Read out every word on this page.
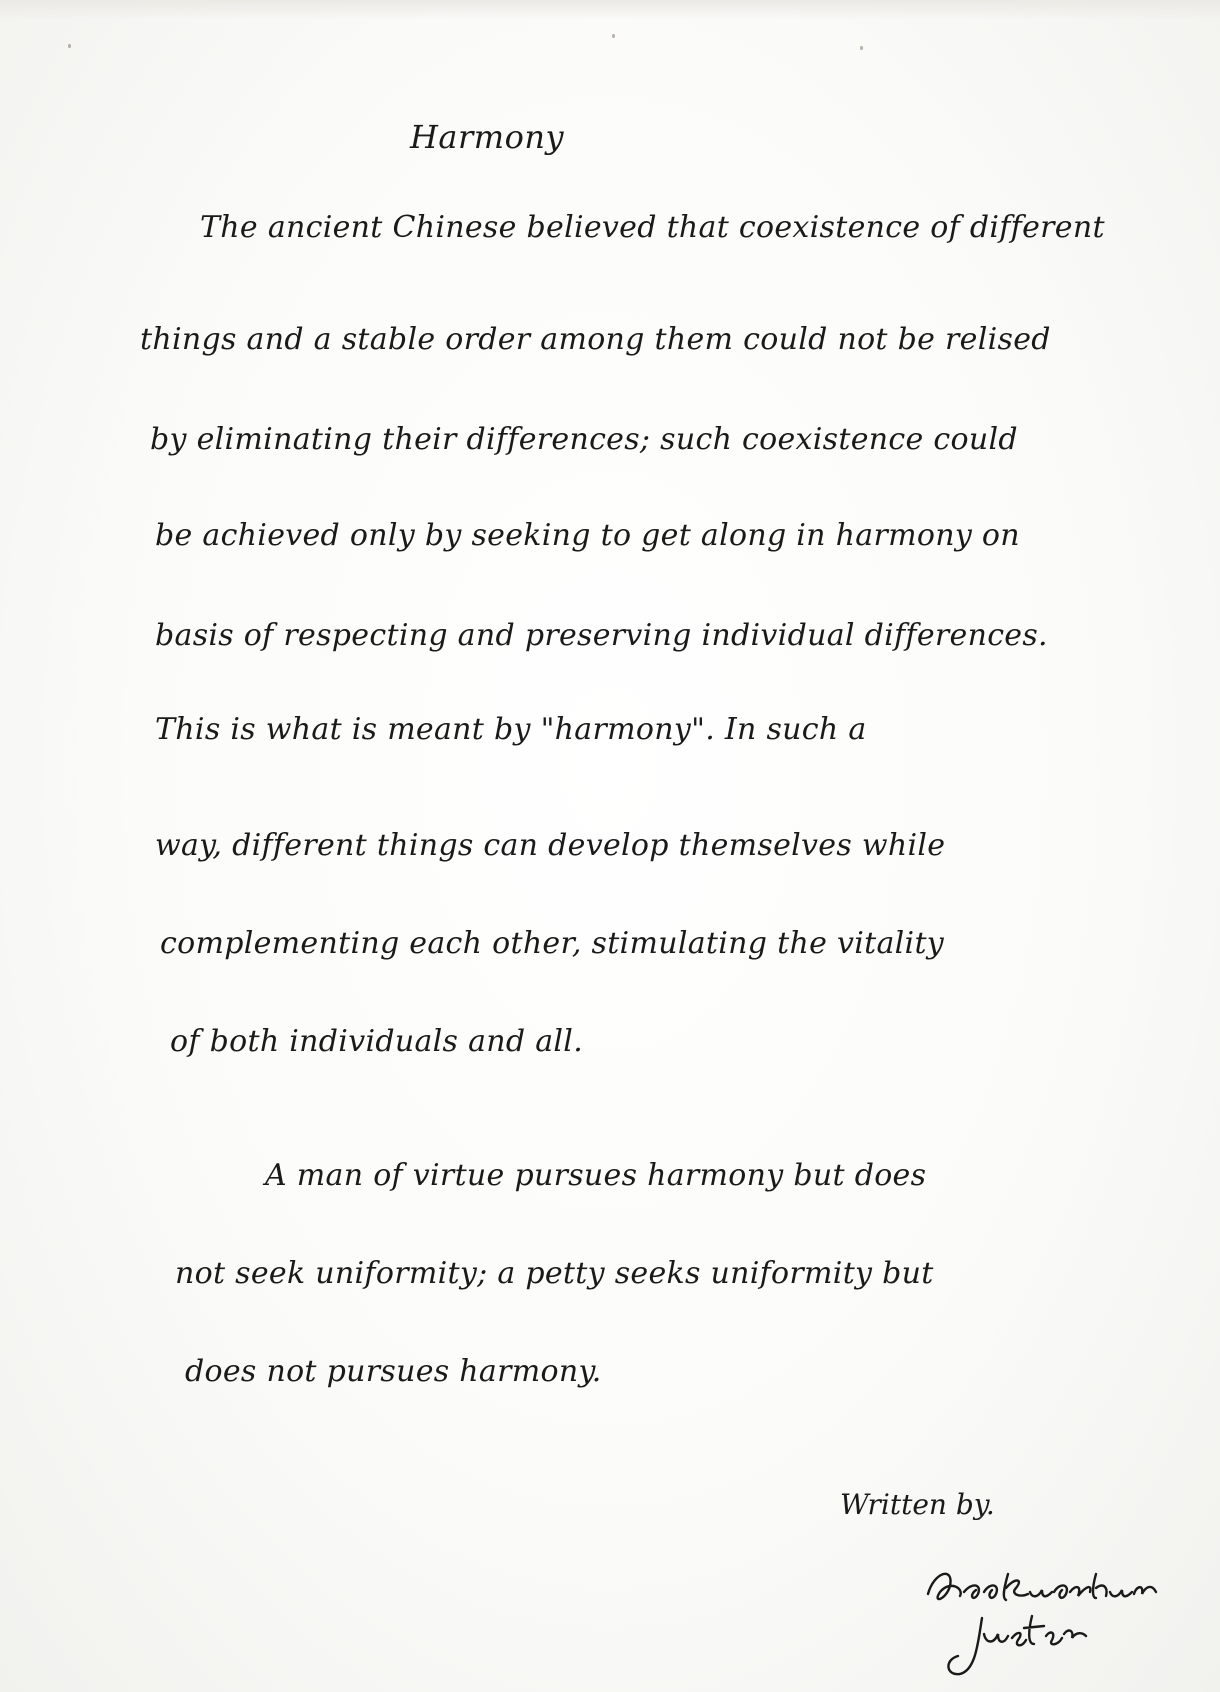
Harmony
The ancient Chinese believed that coexistence of different
things and a stable order among them could not be relised
by eliminating their differences; such coexistence could
be achieved only by seeking to get along in harmony on
basis of respecting and preserving individual differences.
This is what is meant by "harmony". In such a
way, different things can develop themselves while
complementing each other, stimulating the vitality
of both individuals and all.
A man of virtue pursues harmony but does
not seek uniformity; a petty seeks uniformity but
does not pursues harmony.
Written by.
